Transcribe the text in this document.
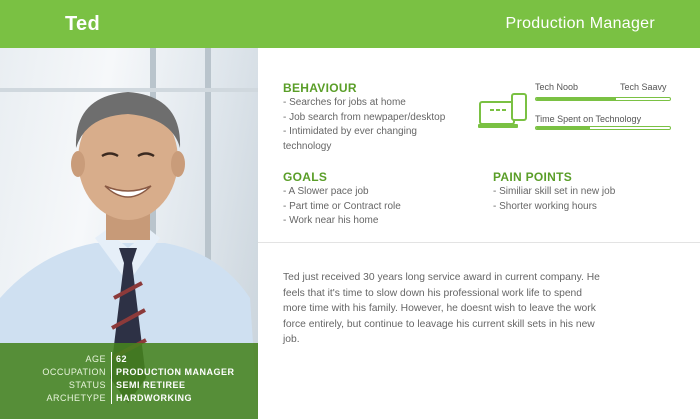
Ted	Production Manager
AGE 62
OCCUPATION PRODUCTION MANAGER
STATUS SEMI RETIREE
ARCHETYPE HARDWORKING
BEHAVIOUR
- Searches for jobs at home
- Job search from newpaper/desktop
- Intimidated by ever changing
technology
Tech Noob	Tech Saavy
Time Spent on Technology
GOALS
- A Slower pace job
- Part time or Contract role
- Work near his home
PAIN POINTS
- Similiar skill set in new job
- Shorter working hours

Ted just received 30 years long service award in current company. He feels that it's time to slow down his professional work life to spend more time with his family. However, he doesnt wish to leave the work force entirely, but continue to leavage his current skill sets in his new job.
